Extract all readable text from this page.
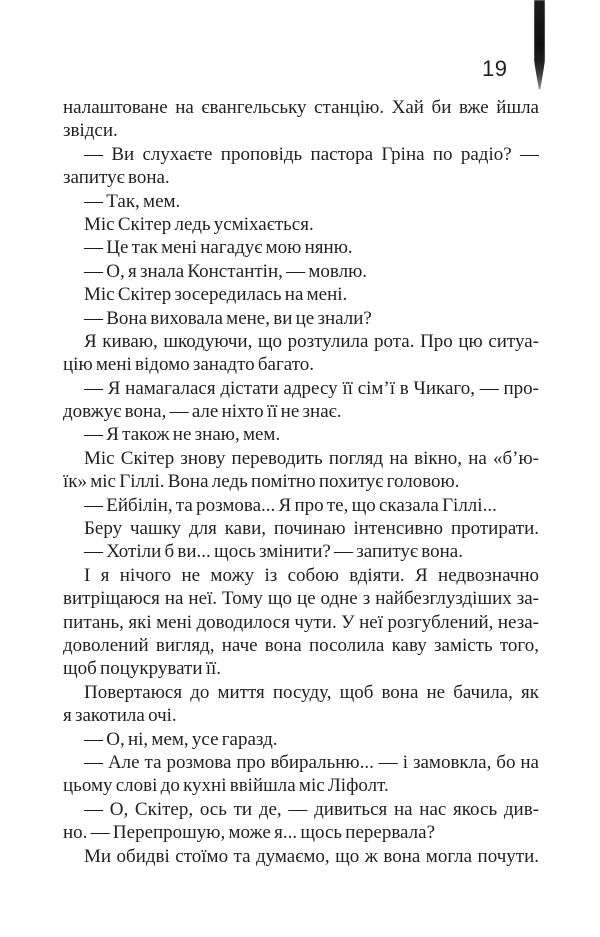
19
налаштоване на євангельську станцію. Хай би вже йшла
звідси.
— Ви слухаєте проповідь пастора Гріна по радіо? —
запитує вона.
— Так, мем.
Міс Скітер ледь усміхається.
— Це так мені нагадує мою няню.
— О, я знала Константін, — мовлю.
Міс Скітер зосередилась на мені.
— Вона виховала мене, ви це знали?
Я киваю, шкодуючи, що розтулила рота. Про цю ситуа-
цію мені відомо занадто багато.
— Я намагалася дістати адресу її сім’ї в Чикаго, — про-
довжує вона, — але ніхто її не знає.
— Я також не знаю, мем.
Міс Скітер знову переводить погляд на вікно, на «б’ю-
їк» міс Гіллі. Вона ледь помітно похитує головою.
— Ейбілін, та розмова... Я про те, що сказала Гіллі...
Беру чашку для кави, починаю інтенсивно протирати.
— Хотіли б ви... щось змінити? — запитує вона.
І я нічого не можу із собою вдіяти. Я недвозначно
витріщаюся на неї. Тому що це одне з найбезглуздіших за-
питань, які мені доводилося чути. У неї розгублений, неза-
доволений вигляд, наче вона посолила каву замість того,
щоб поцукрувати її.
Повертаюся до миття посуду, щоб вона не бачила, як
я закотила очі.
— О, ні, мем, усе гаразд.
— Але та розмова про вбиральню... — і замовкла, бо на
цьому слові до кухні ввійшла міс Ліфолт.
— О, Скітер, ось ти де, — дивиться на нас якось див-
но. — Перепрошую, може я... щось перервала?
Ми обидві стоїмо та думаємо, що ж вона могла почути.
